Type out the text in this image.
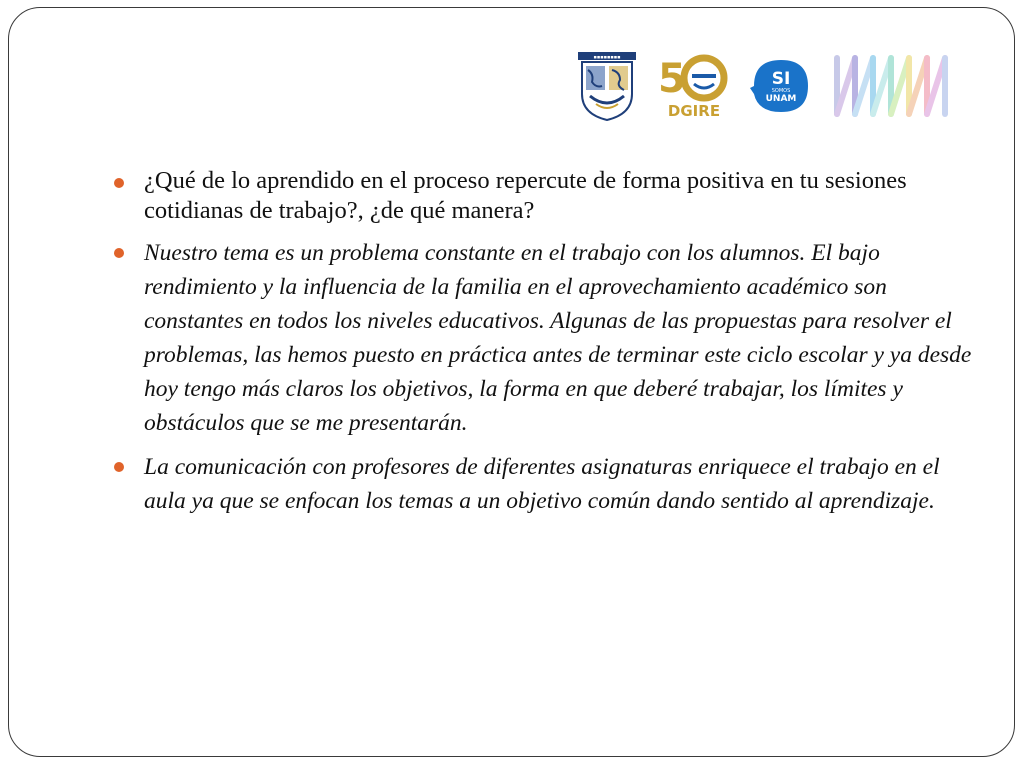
▪▪▪▪▪▪▪▪ 5
DGIRE
SI
SOMOS
UNAM
¿Qué de lo aprendido en el proceso repercute de forma positiva en tu sesiones cotidianas de trabajo?, ¿de qué manera?
Nuestro tema es un problema constante en el trabajo con los alumnos. El bajo rendimiento y la influencia de la familia en el aprovechamiento académico son constantes en todos los niveles educativos. Algunas de las propuestas para resolver el problemas, las hemos puesto en práctica antes de terminar este ciclo escolar y ya desde hoy tengo más claros los objetivos, la forma en que deberé trabajar, los límites y obstáculos que se me presentarán.
La comunicación con profesores de diferentes asignaturas enriquece el trabajo en el aula ya que se enfocan los temas a un objetivo común dando sentido al aprendizaje.
